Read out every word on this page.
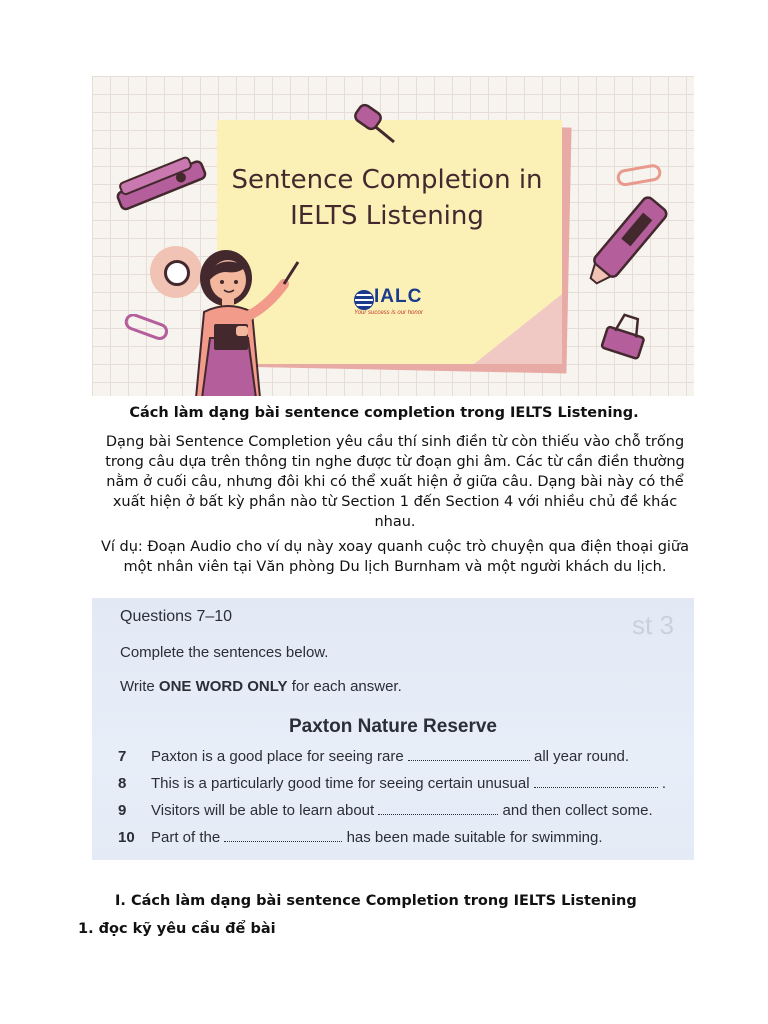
Sentence Completion in
IELTS Listening
IALC
Your success is our honor
Cách làm dạng bài sentence completion trong IELTS Listening.

Dạng bài Sentence Completion yêu cầu thí sinh điền từ còn thiếu vào chỗ trống trong câu dựa trên thông tin nghe được từ đoạn ghi âm. Các từ cần điền thường nằm ở cuối câu, nhưng đôi khi có thể xuất hiện ở giữa câu. Dạng bài này có thể xuất hiện ở bất kỳ phần nào từ Section 1 đến Section 4 với nhiều chủ đề khác nhau.

Ví dụ: Đoạn Audio cho ví dụ này xoay quanh cuộc trò chuyện qua điện thoại giữa một nhân viên tại Văn phòng Du lịch Burnham và một người khách du lịch.

st 3
Questions 7–10
Complete the sentences below.
Write ONE WORD ONLY for each answer.
Paxton Nature Reserve
7 Paxton is a good place for seeing rare	all year round.
8 This is a particularly good time for seeing certain unusual	.
9 Visitors will be able to learn about	and then collect some.
10 Part of the	has been made suitable for swimming.
I. Cách làm dạng bài sentence Completion trong IELTS Listening
1. đọc kỹ yêu cầu để bài
